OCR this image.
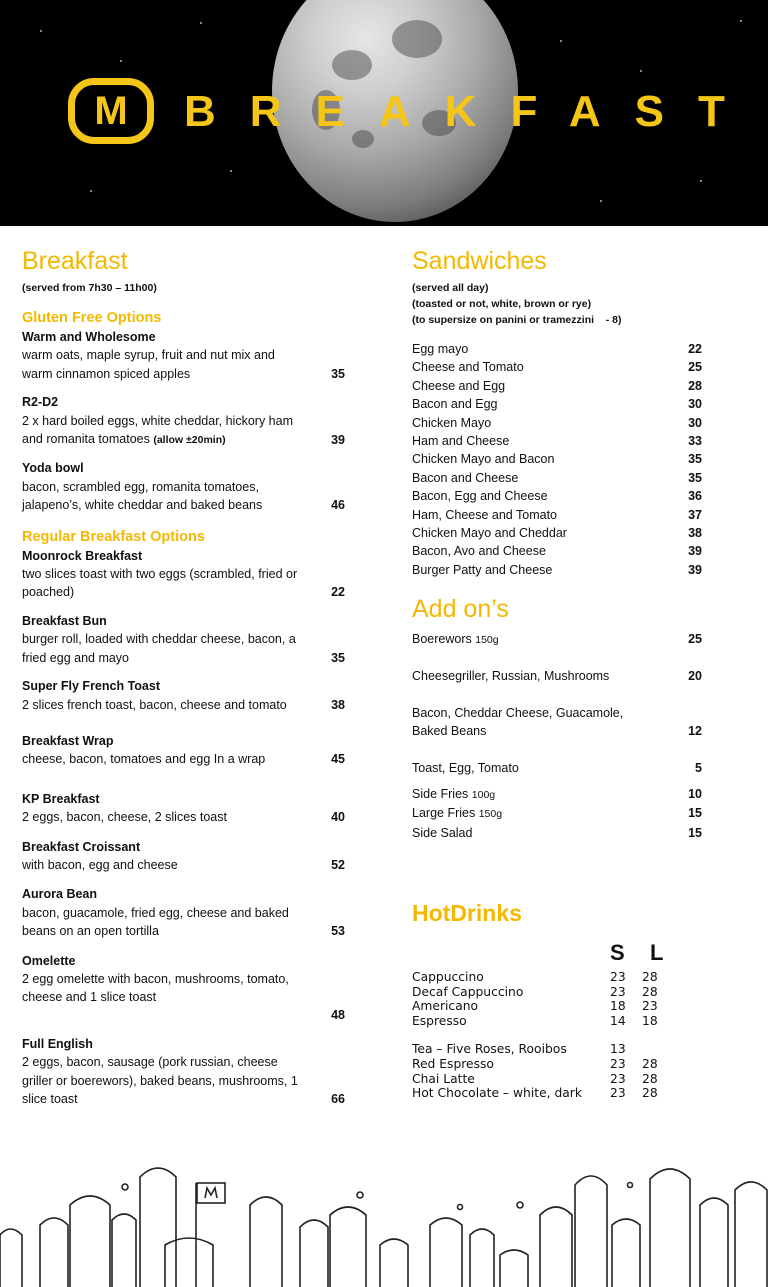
M BREAKFAST
Breakfast
(served from 7h30 – 11h00)
Gluten Free Options
Warm and Wholesome
warm oats, maple syrup, fruit and nut mix and warm cinnamon spiced apples	35
R2-D2
2 x hard boiled eggs, white cheddar, hickory ham and romanita tomatoes (allow ±20min)	39
Yoda bowl
bacon, scrambled egg, romanita tomatoes, jalapeno’s, white cheddar and baked beans	46
Regular Breakfast Options
Moonrock Breakfast
two slices toast with two eggs (scrambled, fried or poached)	22
Breakfast Bun
burger roll, loaded with cheddar cheese, bacon, a fried egg and mayo	35
Super Fly French Toast
2 slices french toast, bacon, cheese and tomato	38
Breakfast Wrap
cheese, bacon, tomatoes and egg In a wrap	45
KP Breakfast
2 eggs, bacon, cheese, 2 slices toast	40
Breakfast Croissant
with bacon, egg and cheese	52
Aurora Bean
bacon, guacamole, fried egg, cheese and baked beans on an open tortilla	53
Omelette
2 egg omelette with bacon, mushrooms, tomato, cheese and 1 slice toast
48
Full English
2 eggs, bacon, sausage (pork russian, cheese griller or boerewors), baked beans, mushrooms, 1 slice toast	66
Sandwiches
(served all day)
(toasted or not, white, brown or rye)
(to supersize on panini or tramezzini    - 8)
Egg mayo	22
Cheese and Tomato	25
Cheese and Egg	28
Bacon and Egg	30
Chicken Mayo	30
Ham and Cheese	33
Chicken Mayo and Bacon	35
Bacon and Cheese	35
Bacon, Egg and Cheese	36
Ham, Cheese and Tomato	37
Chicken Mayo and Cheddar	38
Bacon, Avo and Cheese	39
Burger Patty and Cheese	39
Add on’s
Boerewors 150g	25
Cheesegriller, Russian, Mushrooms	20
Bacon, Cheddar Cheese, Guacamole, Baked Beans	12
Toast, Egg, Tomato	5
Side Fries 100g	10
Large Fries 150g	15
Side Salad	15
HotDrinks
S	L
Cappuccino	23	28
Decaf Cappuccino	23	28
Americano	18	23
Espresso	14	18
Tea – Five Roses, Rooibos	13
Red Espresso	23	28
Chai Latte	23	28
Hot Chocolate – white, dark	23	28
